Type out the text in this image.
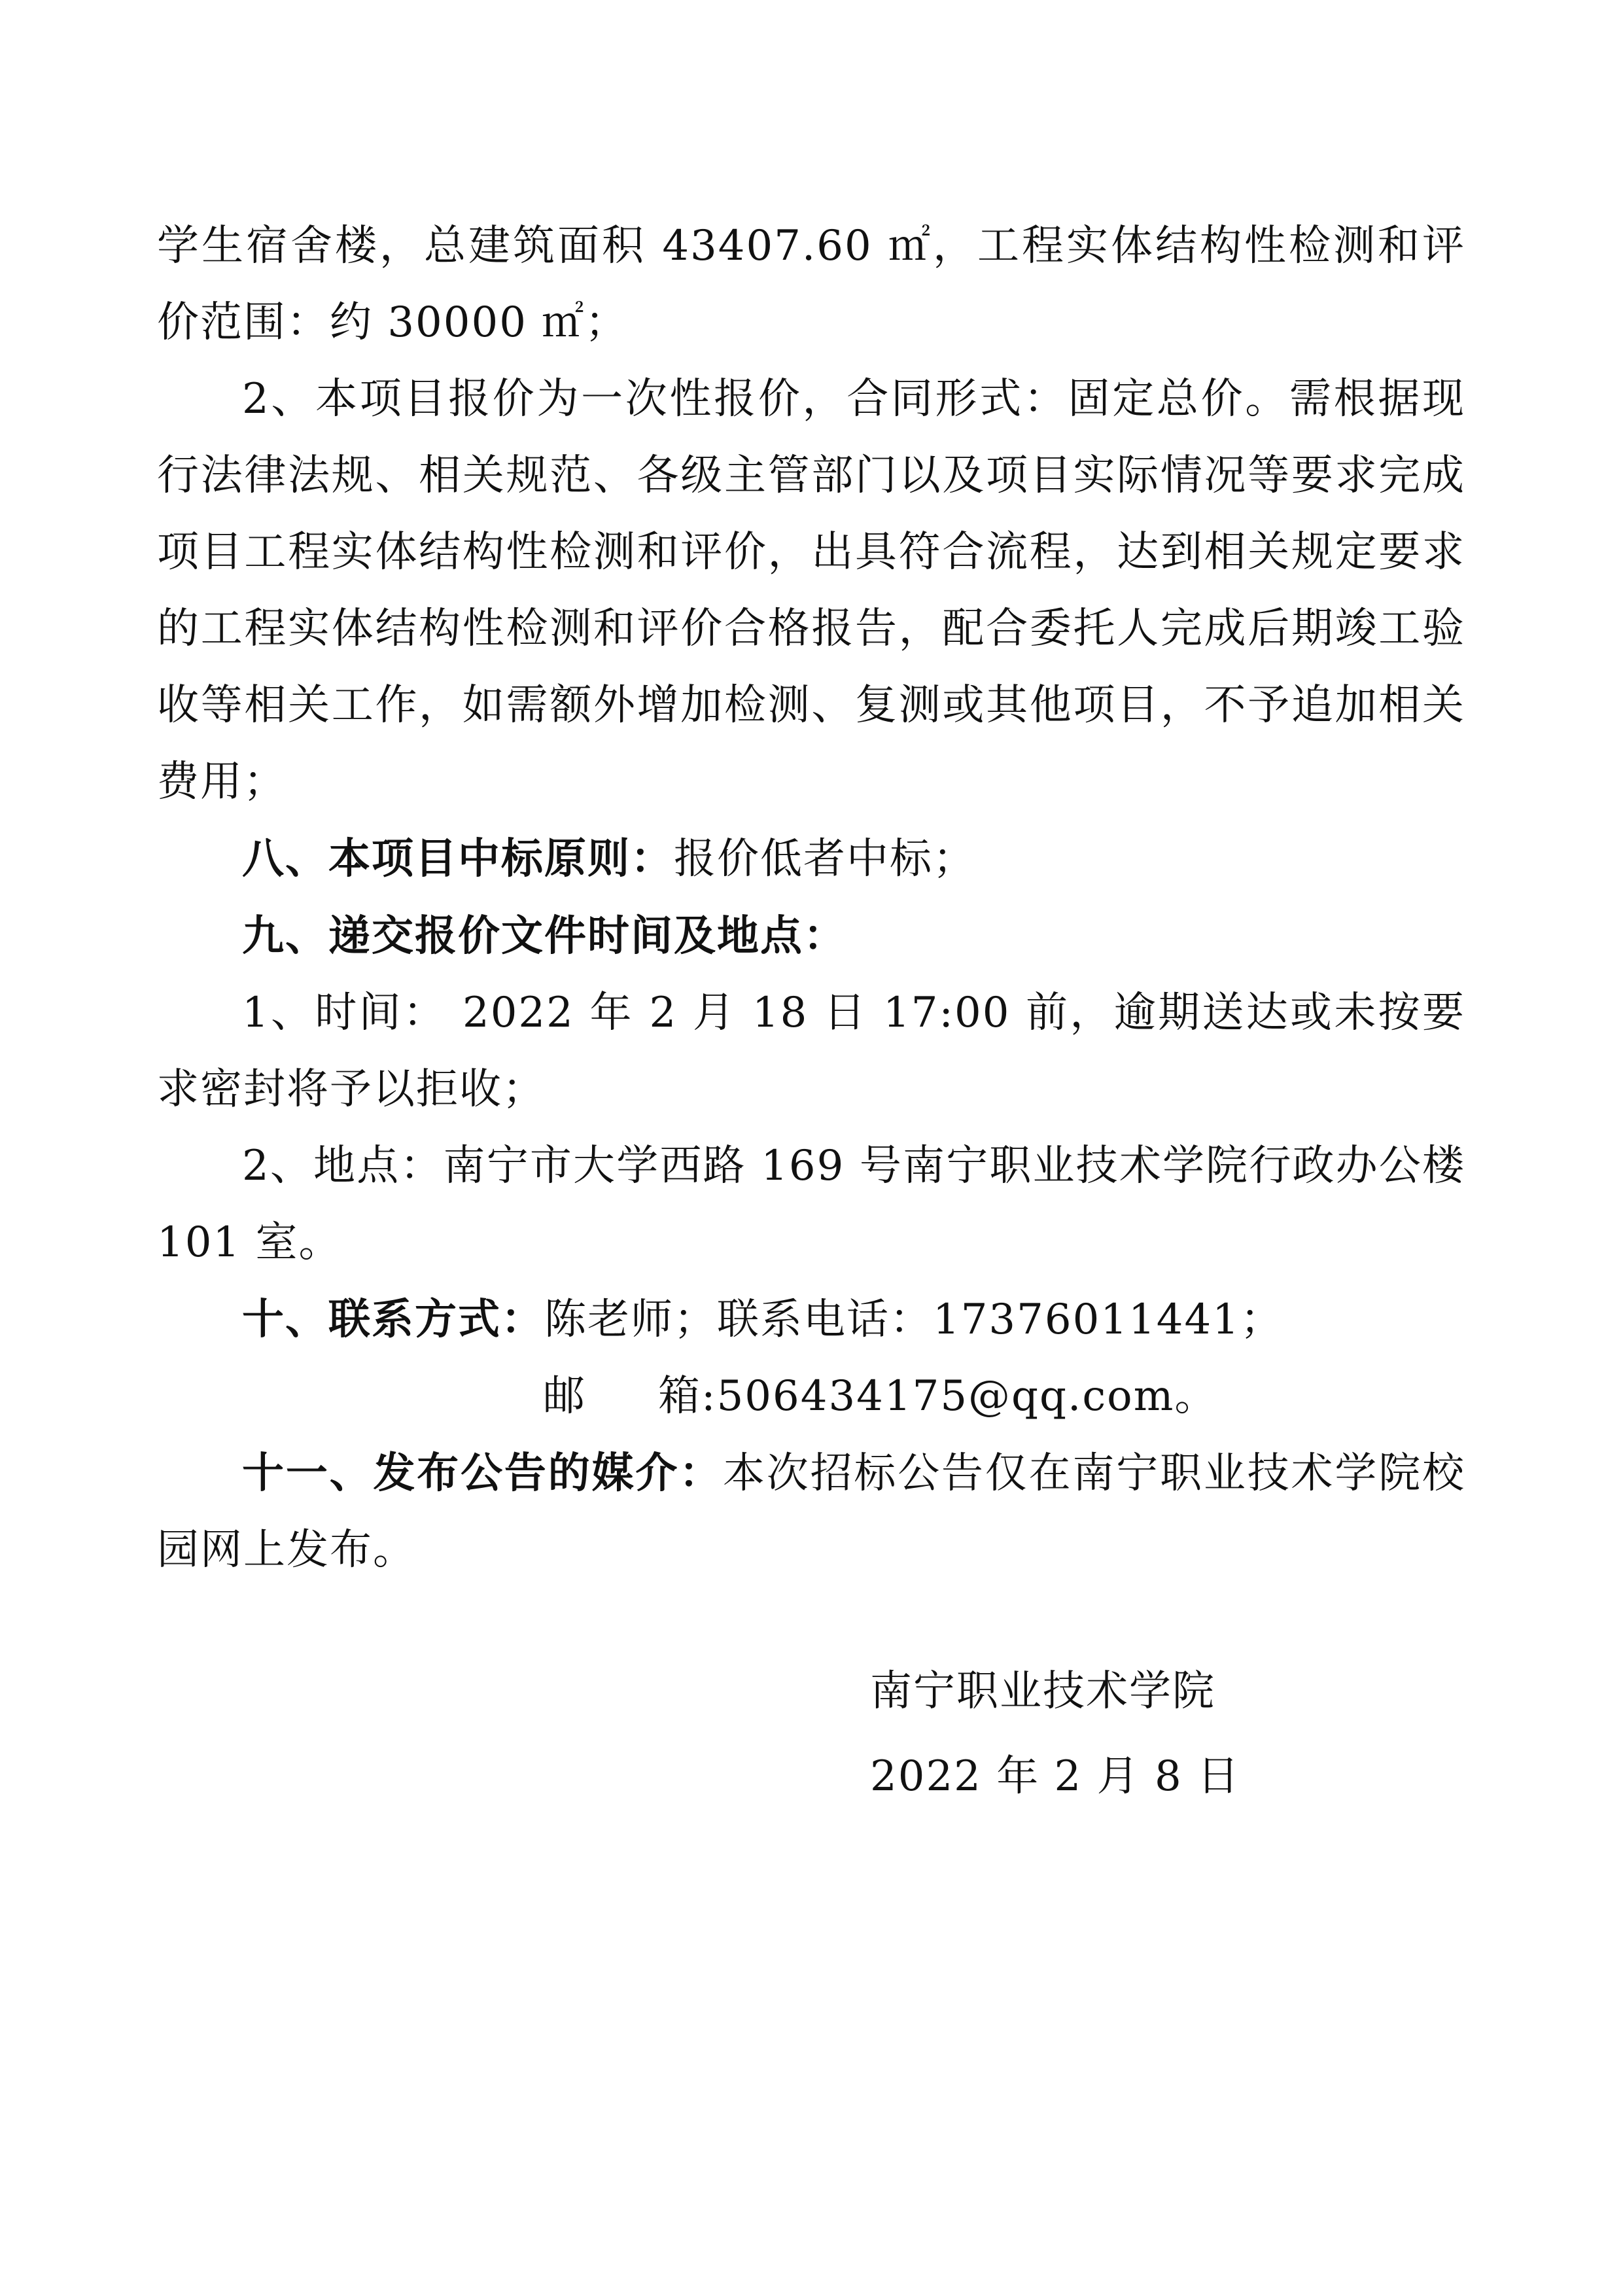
学生宿舍楼，总建筑面积 43407.60 ㎡，工程实体结构性检测和评价范围：约 30000 ㎡；

2、本项目报价为一次性报价，合同形式：固定总价。需根据现行法律法规、相关规范、各级主管部门以及项目实际情况等要求完成项目工程实体结构性检测和评价，出具符合流程，达到相关规定要求的工程实体结构性检测和评价合格报告，配合委托人完成后期竣工验收等相关工作，如需额外增加检测、复测或其他项目，不予追加相关费用；

八、本项目中标原则：报价低者中标；

九、递交报价文件时间及地点：

1、时间： 2022 年 2 月 18 日 17:00 前，逾期送达或未按要求密封将予以拒收；

2、地点：南宁市大学西路 169 号南宁职业技术学院行政办公楼 101 室。

十、联系方式：陈老师；联系电话：17376011441；

邮 箱:506434175@qq.com。

十一、发布公告的媒介：本次招标公告仅在南宁职业技术学院校园网上发布。

南宁职业技术学院
2022 年 2 月 8 日
